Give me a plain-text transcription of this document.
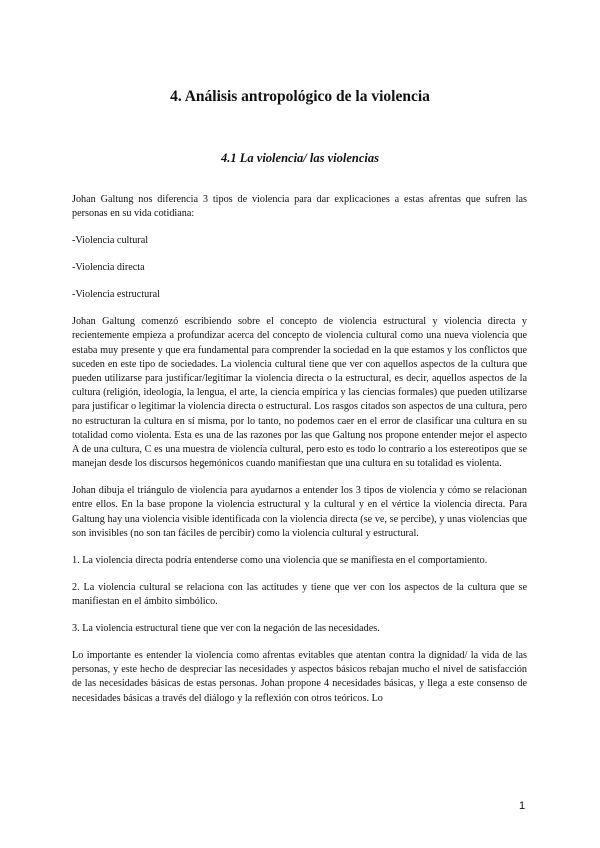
4. Análisis antropológico de la violencia
4.1 La violencia/ las violencias

Johan Galtung nos diferencia 3 tipos de violencia para dar explicaciones a estas afrentas que sufren las personas en su vida cotidiana:

-Violencia cultural

-Violencia directa

-Violencia estructural

Johan Galtung comenzó escribiendo sobre el concepto de violencia estructural y violencia directa y recientemente empieza a profundizar acerca del concepto de violencia cultural como una nueva violencia que estaba muy presente y que era fundamental para comprender la sociedad en la que estamos y los conflictos que suceden en este tipo de sociedades. La violencia cultural tiene que ver con aquellos aspectos de la cultura que pueden utilizarse para justificar/legitimar la violencia directa o la estructural, es decir, aquellos aspectos de la cultura (religión, ideología, la lengua, el arte, la ciencia empírica y las ciencias formales) que pueden utilizarse para justificar o legitimar la violencia directa o estructural. Los rasgos citados son aspectos de una cultura, pero no estructuran la cultura en sí misma, por lo tanto, no podemos caer en el error de clasificar una cultura en su totalidad como violenta. Esta es una de las razones por las que Galtung nos propone entender mejor el aspecto A de una cultura, C es una muestra de violencia cultural, pero esto es todo lo contrario a los estereotipos que se manejan desde los discursos hegemónicos cuando manifiestan que una cultura en su totalidad es violenta.

Johan dibuja el triángulo de violencia para ayudarnos a entender los 3 tipos de violencia y cómo se relacionan entre ellos. En la base propone la violencia estructural y la cultural y en el vértice la violencia directa. Para Galtung hay una violencia visible identificada con la violencia directa (se ve, se percibe), y unas violencias que son invisibles (no son tan fáciles de percibir) como la violencia cultural y estructural.

1. La violencia directa podría entenderse como una violencia que se manifiesta en el comportamiento.

2. La violencia cultural se relaciona con las actitudes y tiene que ver con los aspectos de la cultura que se manifiestan en el ámbito simbólico.

3. La violencia estructural tiene que ver con la negación de las necesidades.

Lo importante es entender la violencia como afrentas evitables que atentan contra la dignidad/ la vida de las personas, y este hecho de despreciar las necesidades y aspectos básicos rebajan mucho el nivel de satisfacción de las necesidades básicas de estas personas. Johan propone 4 necesidades básicas, y llega a este consenso de necesidades básicas a través del diálogo y la reflexión con otros teóricos. Lo

1
